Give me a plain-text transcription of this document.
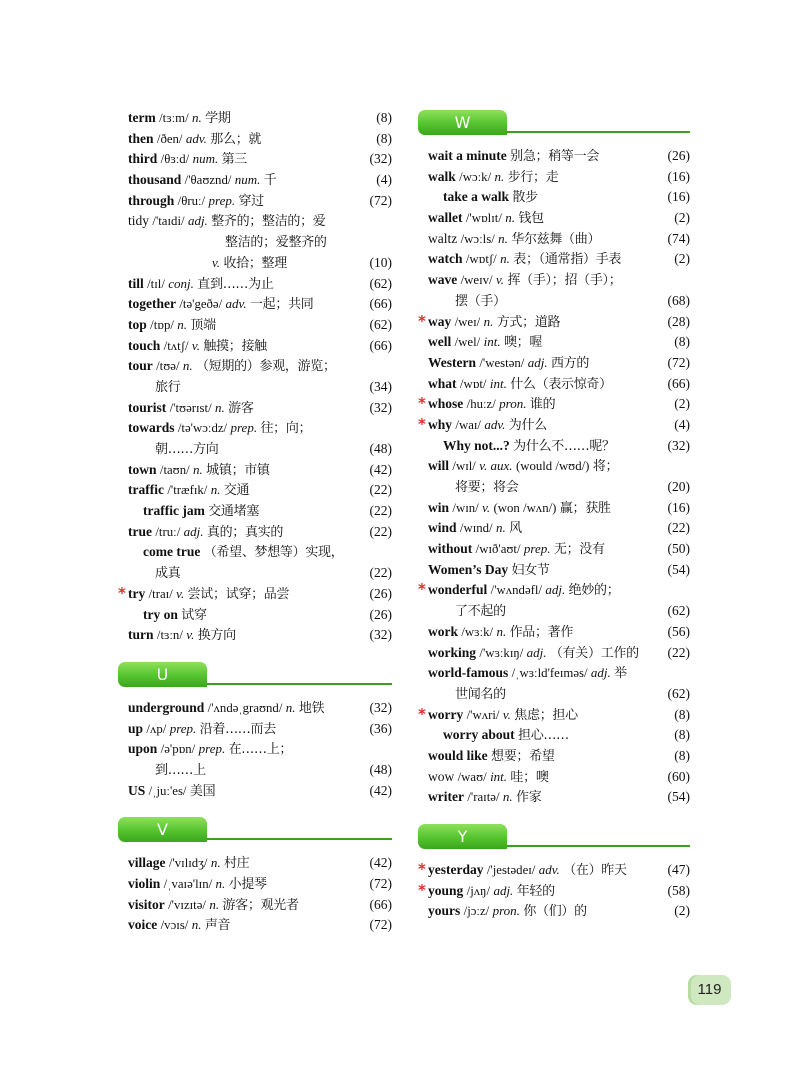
term /tɜːm/ n. 学期	(8)
then /ðen/ adv. 那么；就	(8)
third /θɜːd/ num. 第三	(32)
thousand /'θaʊznd/ num. 千	(4)
through /θruː/ prep. 穿过	(72)
tidy /'taɪdi/ adj. 整齐的；整洁的；爱
整洁的；爱整齐的
v. 收拾；整理	(10)
till /tɪl/ conj. 直到……为止	(62)
together /tə'geðə/ adv. 一起；共同	(66)
top /tɒp/ n. 顶端	(62)
touch /tʌtʃ/ v. 触摸；接触	(66)
tour /tʊə/ n. （短期的）参观，游览；
旅行	(34)
tourist /'tʊərɪst/ n. 游客	(32)
towards /tə'wɔːdz/ prep. 往；向；
朝……方向	(48)
town /taʊn/ n. 城镇；市镇	(42)
traffic /'træfɪk/ n. 交通	(22)
traffic jam 交通堵塞	(22)
true /truː/ adj. 真的；真实的	(22)
come true （希望、梦想等）实现，
成真	(22)
* try /traɪ/ v. 尝试；试穿；品尝	(26)
try on 试穿	(26)
turn /tɜːn/ v. 换方向	(32)
U
underground /'ʌndəˌgraʊnd/ n. 地铁	(32)
up /ʌp/ prep. 沿着……而去	(36)
upon /ə'pɒn/ prep. 在……上；
到……上	(48)
US /ˌjuː'es/ 美国	(42)
V
village /'vɪlɪdʒ/ n. 村庄	(42)
violin /ˌvaɪə'lɪn/ n. 小提琴	(72)
visitor /'vɪzɪtə/ n. 游客；观光者	(66)
voice /vɔɪs/ n. 声音	(72)
W
wait a minute 别急；稍等一会	(26)
walk /wɔːk/ n. 步行；走	(16)
take a walk 散步	(16)
wallet /'wɒlɪt/ n. 钱包	(2)
waltz /wɔːls/ n. 华尔兹舞（曲）	(74)
watch /wɒtʃ/ n. 表；（通常指）手表	(2)
wave /weɪv/ v. 挥（手）；招（手）；
摆（手）	(68)
* way /weɪ/ n. 方式；道路	(28)
well /wel/ int. 噢；喔	(8)
Western /'westən/ adj. 西方的	(72)
what /wɒt/ int. 什么（表示惊奇）	(66)
* whose /huːz/ pron. 谁的	(2)
* why /waɪ/ adv. 为什么	(4)
Why not...? 为什么不……呢？	(32)
will /wɪl/ v. aux. (would /wʊd/) 将；
将要；将会	(20)
win /wɪn/ v. (won /wʌn/) 赢；获胜	(16)
wind /wɪnd/ n. 风	(22)
without /wɪð'aʊt/ prep. 无；没有	(50)
Women’s Day 妇女节	(54)
* wonderful /'wʌndəfl/ adj. 绝妙的；
了不起的	(62)
work /wɜːk/ n. 作品；著作	(56)
working /'wɜːkɪŋ/ adj. （有关）工作的 (22)
world-famous /ˌwɜːld'feɪməs/ adj. 举
世闻名的	(62)
* worry /'wʌri/ v. 焦虑；担心	(8)
worry about 担心……	(8)
would like 想要；希望	(8)
wow /waʊ/ int. 哇；噢	(60)
writer /'raɪtə/ n. 作家	(54)
Y
* yesterday /'jestədeɪ/ adv. （在）昨天	(47)
* young /jʌŋ/ adj. 年轻的	(58)
yours /jɔːz/ pron. 你（们）的	(2)
119
